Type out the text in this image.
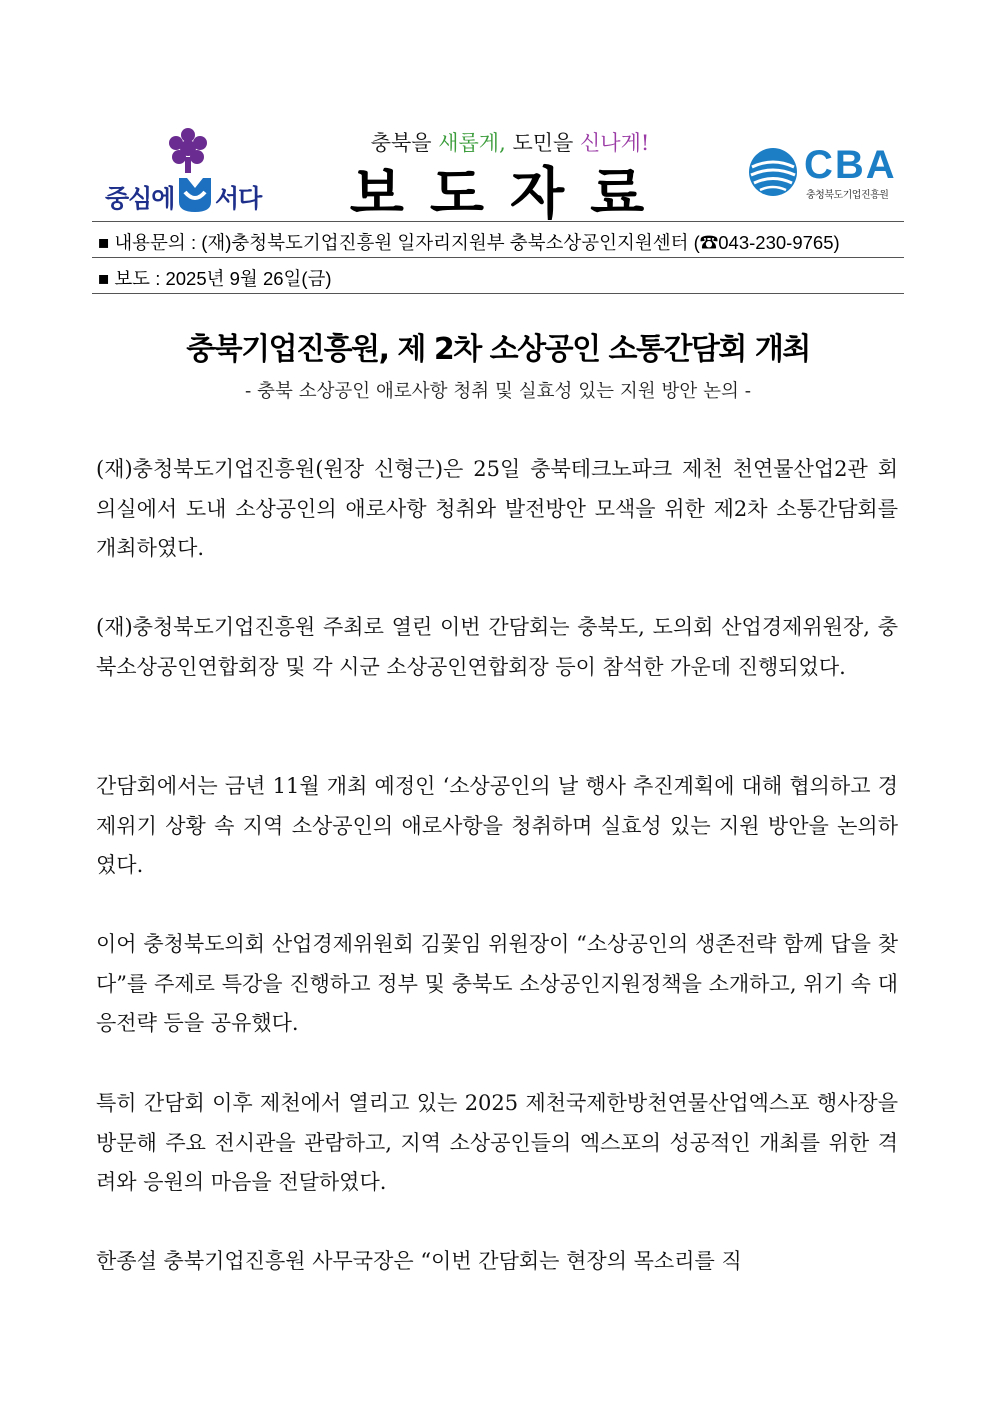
중심에 서다
충북을 새롭게, 도민을 신나게!
보도자료	CBA
충청북도기업진흥원
■ 내용문의 : (재)충청북도기업진흥원 일자리지원부 충북소상공인지원센터 (☎043-230-9765)
■ 보도 : 2025년 9월 26일(금)
충북기업진흥원, 제 2차 소상공인 소통간담회 개최
- 충북 소상공인 애로사항 청취 및 실효성 있는 지원 방안 논의 -

(재)충청북도기업진흥원(원장 신형근)은 25일 충북테크노파크 제천 천연물산업2관 회의실에서 도내 소상공인의 애로사항 청취와 발전방안 모색을 위한 제2차 소통간담회를 개최하였다.

(재)충청북도기업진흥원 주최로 열린 이번 간담회는 충북도, 도의회 산업경제위원장, 충북소상공인연합회장 및 각 시군 소상공인연합회장 등이 참석한 가운데 진행되었다.

간담회에서는 금년 11월 개최 예정인 ‘소상공인의 날 행사 추진계획에 대해 협의하고 경제위기 상황 속 지역 소상공인의 애로사항을 청취하며 실효성 있는 지원 방안을 논의하였다.

이어 충청북도의회 산업경제위원회 김꽃임 위원장이 “소상공인의 생존전략 함께 답을 찾다”를 주제로 특강을 진행하고 정부 및 충북도 소상공인지원정책을 소개하고, 위기 속 대응전략 등을 공유했다.

특히 간담회 이후 제천에서 열리고 있는 2025 제천국제한방천연물산업엑스포 행사장을 방문해 주요 전시관을 관람하고, 지역 소상공인들의 엑스포의 성공적인 개최를 위한 격려와 응원의 마음을 전달하였다.

한종설 충북기업진흥원 사무국장은 “이번 간담회는 현장의 목소리를 직
